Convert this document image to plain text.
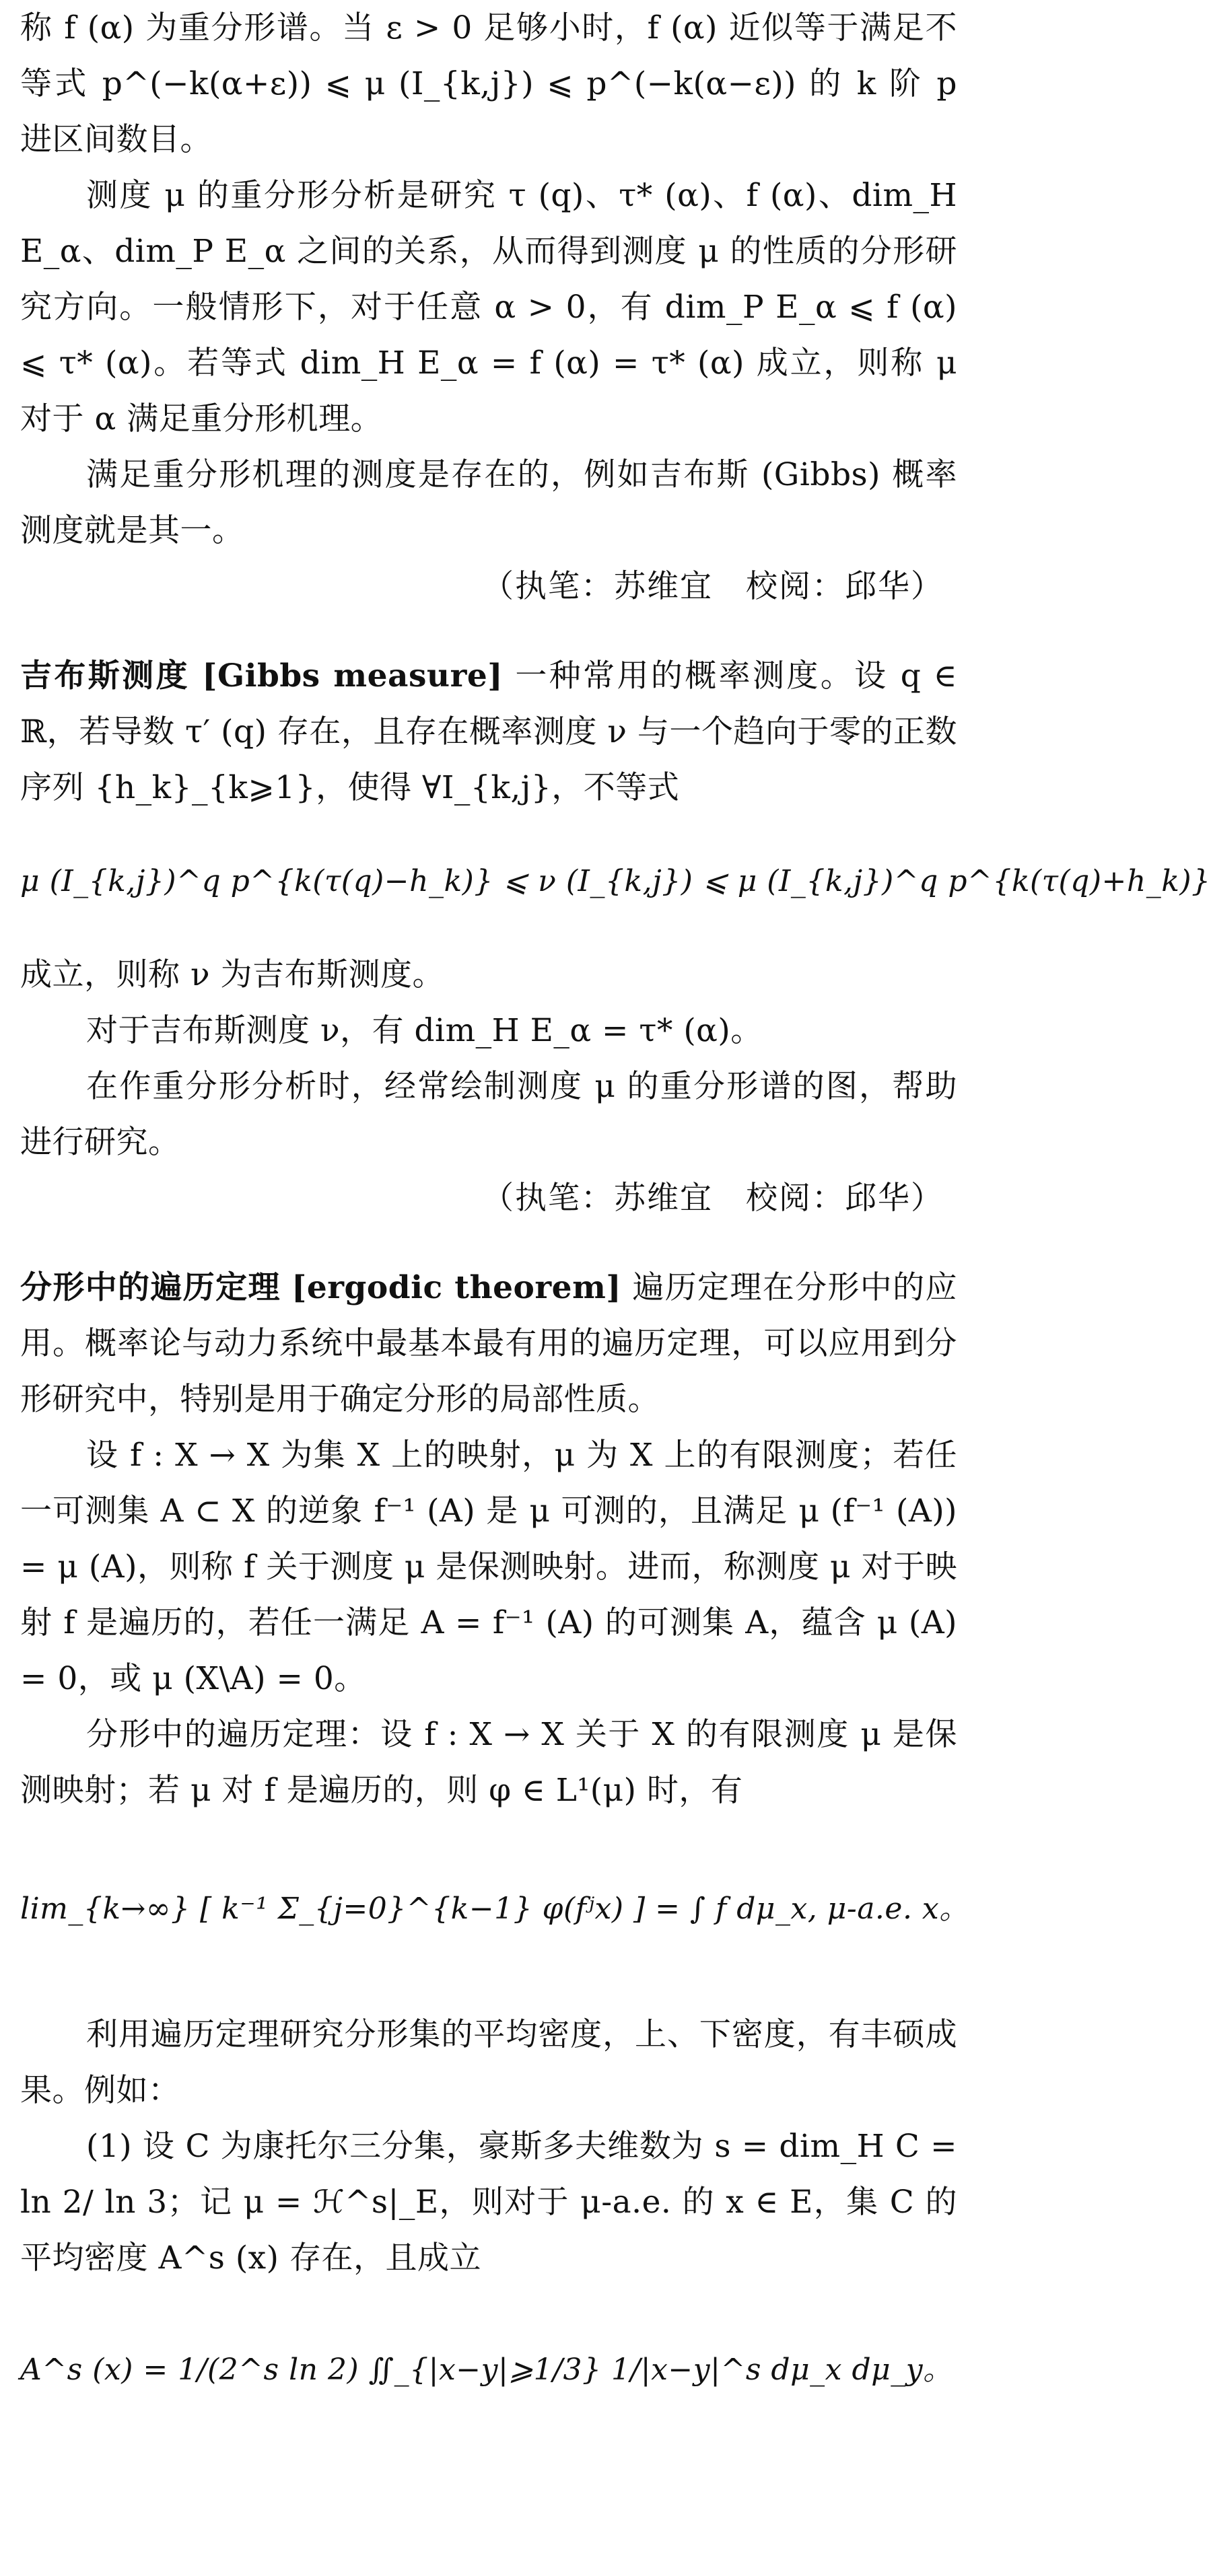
称 f (α) 为重分形谱。当 ε > 0 足够小时，f (α) 近似等于满足不等式 p^(−k(α+ε)) ⩽ μ (I_{k,j}) ⩽ p^(−k(α−ε)) 的 k 阶 p 进区间数目。

测度 μ 的重分形分析是研究 τ (q)、τ* (α)、f (α)、dim_H E_α、dim_P E_α 之间的关系，从而得到测度 μ 的性质的分形研究方向。一般情形下，对于任意 α > 0，有 dim_P E_α ⩽ f (α) ⩽ τ* (α)。若等式 dim_H E_α = f (α) = τ* (α) 成立，则称 μ 对于 α 满足重分形机理。

满足重分形机理的测度是存在的，例如吉布斯 (Gibbs) 概率测度就是其一。

（执笔：苏维宜　校阅：邱华）

吉布斯测度 [Gibbs measure] 一种常用的概率测度。设 q ∈ ℝ，若导数 τ′ (q) 存在，且存在概率测度 ν 与一个趋向于零的正数序列 {h_k}_{k⩾1}，使得 ∀I_{k,j}，不等式

μ (I_{k,j})^q p^{k(τ(q)−h_k)} ⩽ ν (I_{k,j}) ⩽ μ (I_{k,j})^q p^{k(τ(q)+h_k)}

成立，则称 ν 为吉布斯测度。

对于吉布斯测度 ν，有 dim_H E_α = τ* (α)。

在作重分形分析时，经常绘制测度 μ 的重分形谱的图，帮助进行研究。

（执笔：苏维宜　校阅：邱华）

分形中的遍历定理 [ergodic theorem] 遍历定理在分形中的应用。概率论与动力系统中最基本最有用的遍历定理，可以应用到分形研究中，特别是用于确定分形的局部性质。

设 f : X → X 为集 X 上的映射，μ 为 X 上的有限测度；若任一可测集 A ⊂ X 的逆象 f⁻¹ (A) 是 μ 可测的，且满足 μ (f⁻¹ (A)) = μ (A)，则称 f 关于测度 μ 是保测映射。进而，称测度 μ 对于映射 f 是遍历的，若任一满足 A = f⁻¹ (A) 的可测集 A，蕴含 μ (A) = 0，或 μ (X\A) = 0。

分形中的遍历定理：设 f : X → X 关于 X 的有限测度 μ 是保测映射；若 μ 对 f 是遍历的，则 φ ∈ L¹(μ) 时，有

lim_{k→∞} [ k⁻¹ Σ_{j=0}^{k−1} φ(fʲx) ] = ∫ f dμ_x, μ-a.e. x。

利用遍历定理研究分形集的平均密度，上、下密度，有丰硕成果。例如：

(1) 设 C 为康托尔三分集，豪斯多夫维数为 s = dim_H C = ln 2/ ln 3；记 μ = ℋ^s|_E，则对于 μ-a.e. 的 x ∈ E，集 C 的平均密度 A^s (x) 存在，且成立

A^s (x) = 1/(2^s ln 2) ∬_{|x−y|⩾1/3} 1/|x−y|^s dμ_x dμ_y。
